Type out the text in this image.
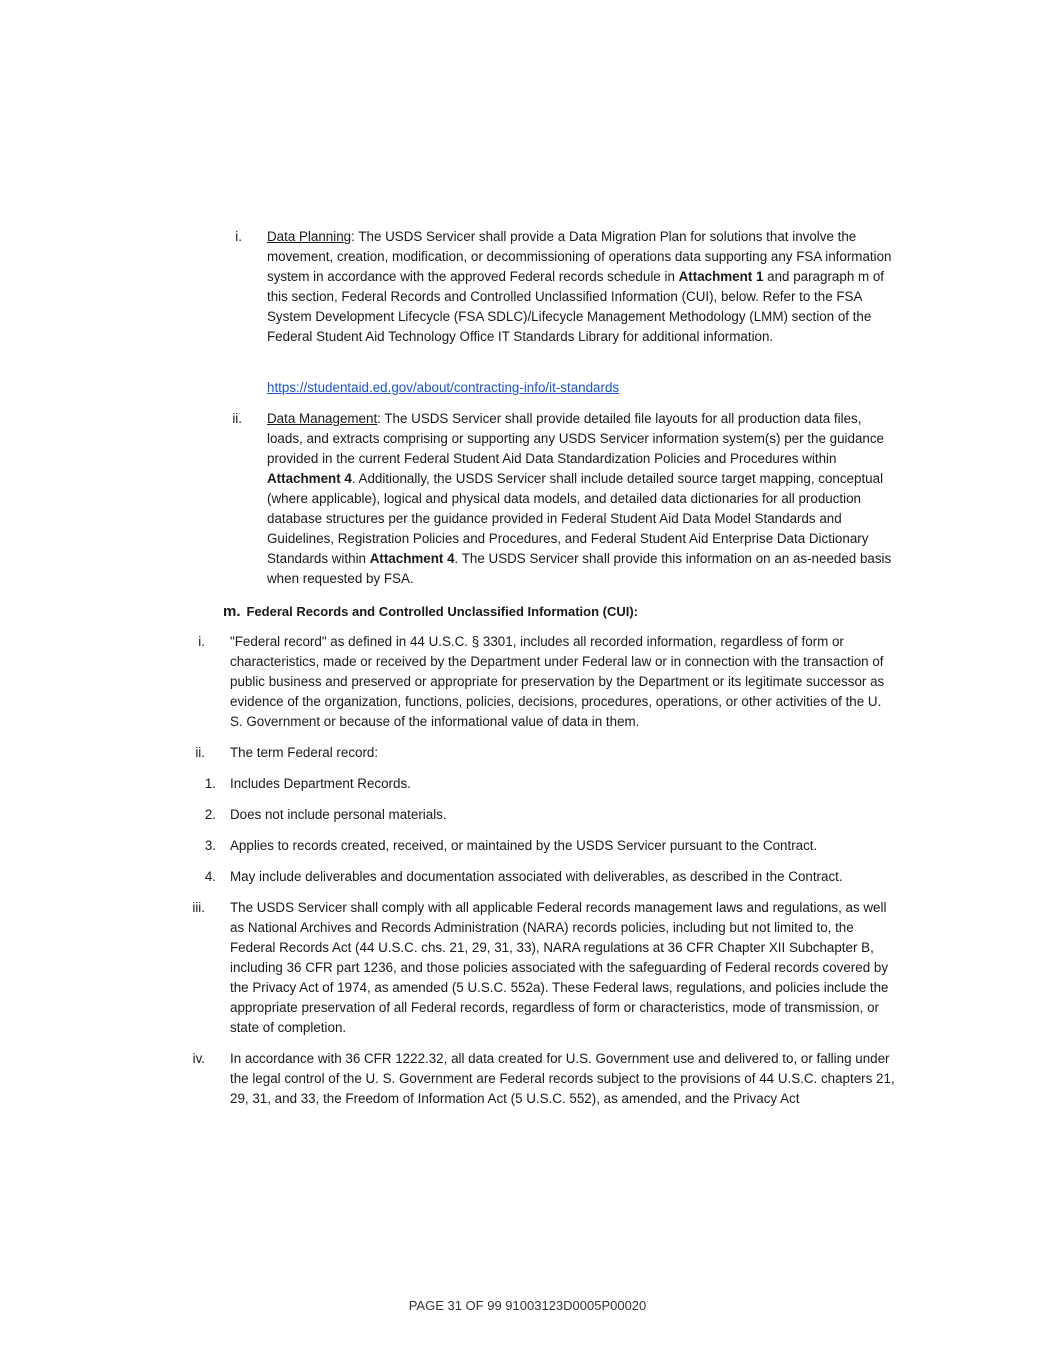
i. Data Planning: The USDS Servicer shall provide a Data Migration Plan for solutions that involve the movement, creation, modification, or decommissioning of operations data supporting any FSA information system in accordance with the approved Federal records schedule in Attachment 1 and paragraph m of this section, Federal Records and Controlled Unclassified Information (CUI), below. Refer to the FSA System Development Lifecycle (FSA SDLC)/Lifecycle Management Methodology (LMM) section of the Federal Student Aid Technology Office IT Standards Library for additional information.

https://studentaid.ed.gov/about/contracting-info/it-standards
ii. Data Management: The USDS Servicer shall provide detailed file layouts for all production data files, loads, and extracts comprising or supporting any USDS Servicer information system(s) per the guidance provided in the current Federal Student Aid Data Standardization Policies and Procedures within Attachment 4. Additionally, the USDS Servicer shall include detailed source target mapping, conceptual (where applicable), logical and physical data models, and detailed data dictionaries for all production database structures per the guidance provided in Federal Student Aid Data Model Standards and Guidelines, Registration Policies and Procedures, and Federal Student Aid Enterprise Data Dictionary Standards within Attachment 4. The USDS Servicer shall provide this information on an as-needed basis when requested by FSA.

m. Federal Records and Controlled Unclassified Information (CUI):
i. "Federal record" as defined in 44 U.S.C. § 3301, includes all recorded information, regardless of form or characteristics, made or received by the Department under Federal law or in connection with the transaction of public business and preserved or appropriate for preservation by the Department or its legitimate successor as evidence of the organization, functions, policies, decisions, procedures, operations, or other activities of the U. S. Government or because of the informational value of data in them.

ii. The term Federal record:

1. Includes Department Records.

2. Does not include personal materials.

3. Applies to records created, received, or maintained by the USDS Servicer pursuant to the Contract.

4. May include deliverables and documentation associated with deliverables, as described in the Contract.

iii. The USDS Servicer shall comply with all applicable Federal records management laws and regulations, as well as National Archives and Records Administration (NARA) records policies, including but not limited to, the Federal Records Act (44 U.S.C. chs. 21, 29, 31, 33), NARA regulations at 36 CFR Chapter XII Subchapter B, including 36 CFR part 1236, and those policies associated with the safeguarding of Federal records covered by the Privacy Act of 1974, as amended (5 U.S.C. 552a). These Federal laws, regulations, and policies include the appropriate preservation of all Federal records, regardless of form or characteristics, mode of transmission, or state of completion.

iv. In accordance with 36 CFR 1222.32, all data created for U.S. Government use and delivered to, or falling under the legal control of the U. S. Government are Federal records subject to the provisions of 44 U.S.C. chapters 21, 29, 31, and 33, the Freedom of Information Act (5 U.S.C. 552), as amended, and the Privacy Act

PAGE 31 OF 99 91003123D0005P00020
